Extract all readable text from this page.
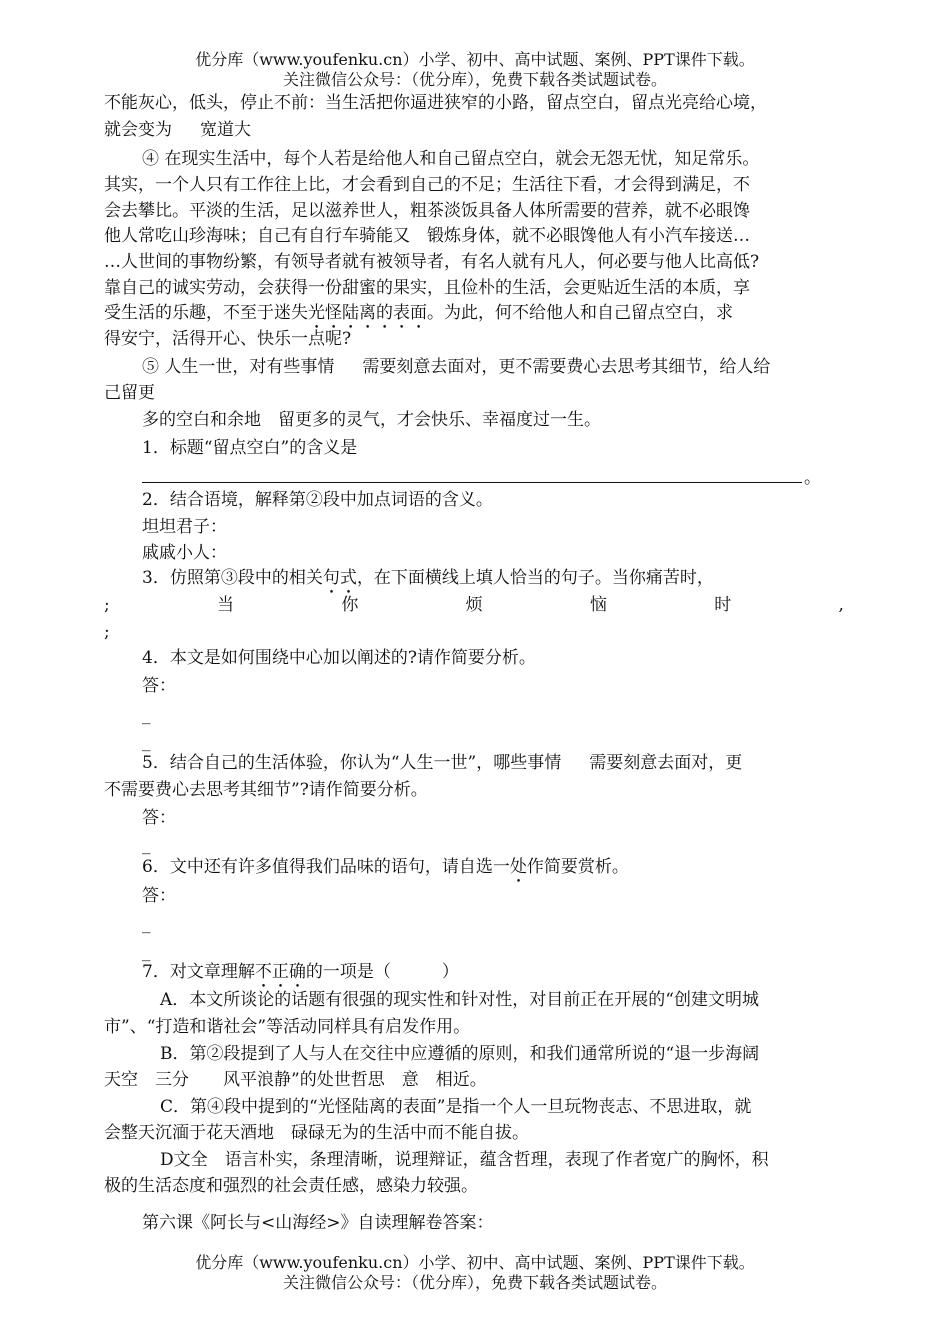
优分库（www.youfenku.cn）小学、初中、高中试题、案例、PPT课件下载。
关注微信公众号：（优分库），免费下载各类试题试卷。
不能灰心，低头，停止不前：当生活把你逼进狭窄的小路，留点空白，留点光亮给心境，
就会变为 宽道大
④ 在现实生活中，每个人若是给他人和自己留点空白，就会无怨无忧，知足常乐。
其实，一个人只有工作往上比，才会看到自己的不足；生活往下看，才会得到满足，不
会去攀比。平淡的生活，足以滋养世人，粗茶淡饭具备人体所需要的营养，就不必眼馋
他人常吃山珍海味；自己有自行车骑能又　锻炼身体，就不必眼馋他人有小汽车接送…
…人世间的事物纷繁，有领导者就有被领导者，有名人就有凡人，何必要与他人比高低?
靠自己的诚实劳动，会获得一份甜蜜的果实，且俭朴的生活，会更贴近生活的本质，享
受生活的乐趣，不至于迷失光怪陆离的表面。为此，何不给他人和自己留点空白，求
得安宁，活得开心、快乐一点呢?
⑤ 人生一世，对有些事情 需要刻意去面对，更不需要费心去思考其细节，给人给
己留更
多的空白和余地　留更多的灵气，才会快乐、幸福度过一生。
1．标题“留点空白”的含义是
。
2．结合语境，解释第②段中加点词语的含义。
坦坦君子：
戚戚小人：
3．仿照第③段中的相关句式，在下面横线上填人恰当的句子。当你痛苦时，
;	当	你	烦	恼	时	,
;
4．本文是如何围绕中心加以阐述的?请作简要分析。
答：
_
_
5．结合自己的生活体验，你认为“人生一世”，哪些事情 需要刻意去面对，更
不需要费心去思考其细节”?请作简要分析。
答：
_
6．文中还有许多值得我们品味的语句，请自选一处作简要赏析。
答：
_
_
7．对文章理解不正确的一项是（　　　）
A．本文所谈论的话题有很强的现实性和针对性，对目前正在开展的“创建文明城
市”、“打造和谐社会”等活动同样具有启发作用。
B．第②段提到了人与人在交往中应遵循的原则，和我们通常所说的“退一步海阔
天空　三分　　风平浪静”的处世哲思　意　相近。
C．第④段中提到的“光怪陆离的表面”是指一个人一旦玩物丧志、不思进取，就
会整天沉湎于花天酒地　碌碌无为的生活中而不能自拔。
D文全　语言朴实，条理清晰，说理辩证，蕴含哲理，表现了作者宽广的胸怀，积
极的生活态度和强烈的社会责任感，感染力较强。
第六课《阿长与<山海经>》自读理解卷答案：
优分库（www.youfenku.cn）小学、初中、高中试题、案例、PPT课件下载。
关注微信公众号：（优分库），免费下载各类试题试卷。
